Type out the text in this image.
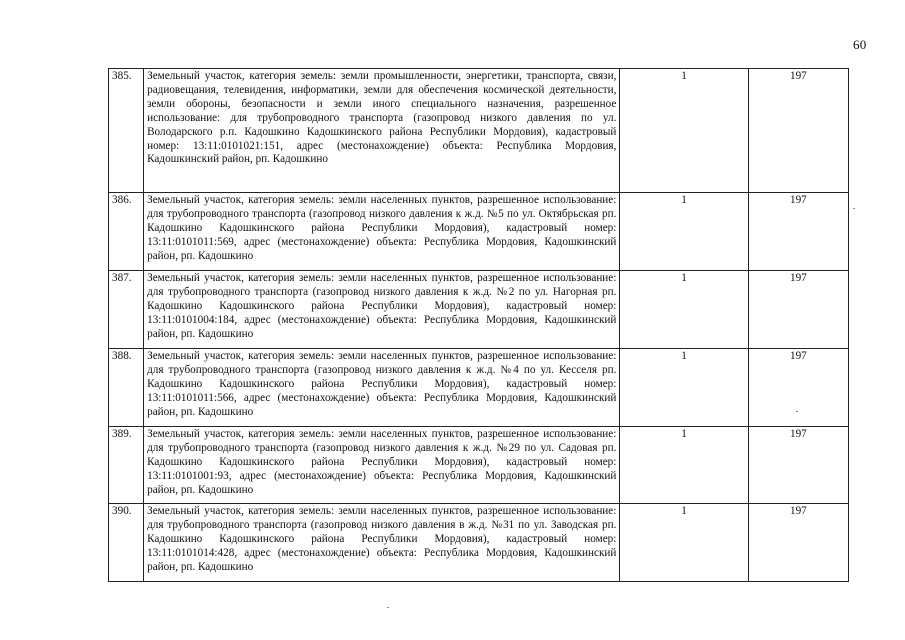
60
385.	Земельный участок, категория земель: земли промышленности, энергетики, транспорта, связи, радиовещания, телевидения, информатики, земли для обеспечения космической деятельности, земли обороны, безопасности и земли иного специального назначения, разрешенное использование: для трубопроводного транспорта (газопровод низкого давления по ул. Володарского р.п. Кадошкино Кадошкинского района Республики Мордовия), кадастровый номер: 13:11:0101021:151, адрес (местонахождение) объекта: Республика Мордовия, Кадошкинский район, рп. Кадошкино	1	197
386.	Земельный участок, категория земель: земли населенных пунктов, разрешенное использование: для трубопроводного транспорта (газопровод низкого давления к ж.д. №5 по ул. Октябрьская рп. Кадошкино Кадошкинского района Республики Мордовия), кадастровый номер: 13:11:0101011:569, адрес (местонахождение) объекта: Республика Мордовия, Кадошкинский район, рп. Кадошкино	1	197
387.	Земельный участок, категория земель: земли населенных пунктов, разрешенное использование: для трубопроводного транспорта (газопровод низкого давления к ж.д. №2 по ул. Нагорная рп. Кадошкино Кадошкинского района Республики Мордовия), кадастровый номер: 13:11:0101004:184, адрес (местонахождение) объекта: Республика Мордовия, Кадошкинский район, рп. Кадошкино	1	197
388.	Земельный участок, категория земель: земли населенных пунктов, разрешенное использование: для трубопроводного транспорта (газопровод низкого давления к ж.д. №4 по ул. Кесселя рп. Кадошкино Кадошкинского района Республики Мордовия), кадастровый номер: 13:11:0101011:566, адрес (местонахождение) объекта: Республика Мордовия, Кадошкинский район, рп. Кадошкино	1	197
389.	Земельный участок, категория земель: земли населенных пунктов, разрешенное использование: для трубопроводного транспорта (газопровод низкого давления к ж.д. №29 по ул. Садовая рп. Кадошкино Кадошкинского района Республики Мордовия), кадастровый номер: 13:11:0101001:93, адрес (местонахождение) объекта: Республика Мордовия, Кадошкинский район, рп. Кадошкино	1	197
390.	Земельный участок, категория земель: земли населенных пунктов, разрешенное использование: для трубопроводного транспорта (газопровод низкого давления в ж.д. №31 по ул. Заводская рп. Кадошкино Кадошкинского района Республики Мордовия), кадастровый номер: 13:11:0101014:428, адрес (местонахождение) объекта: Республика Мордовия, Кадошкинский район, рп. Кадошкино	1	197
